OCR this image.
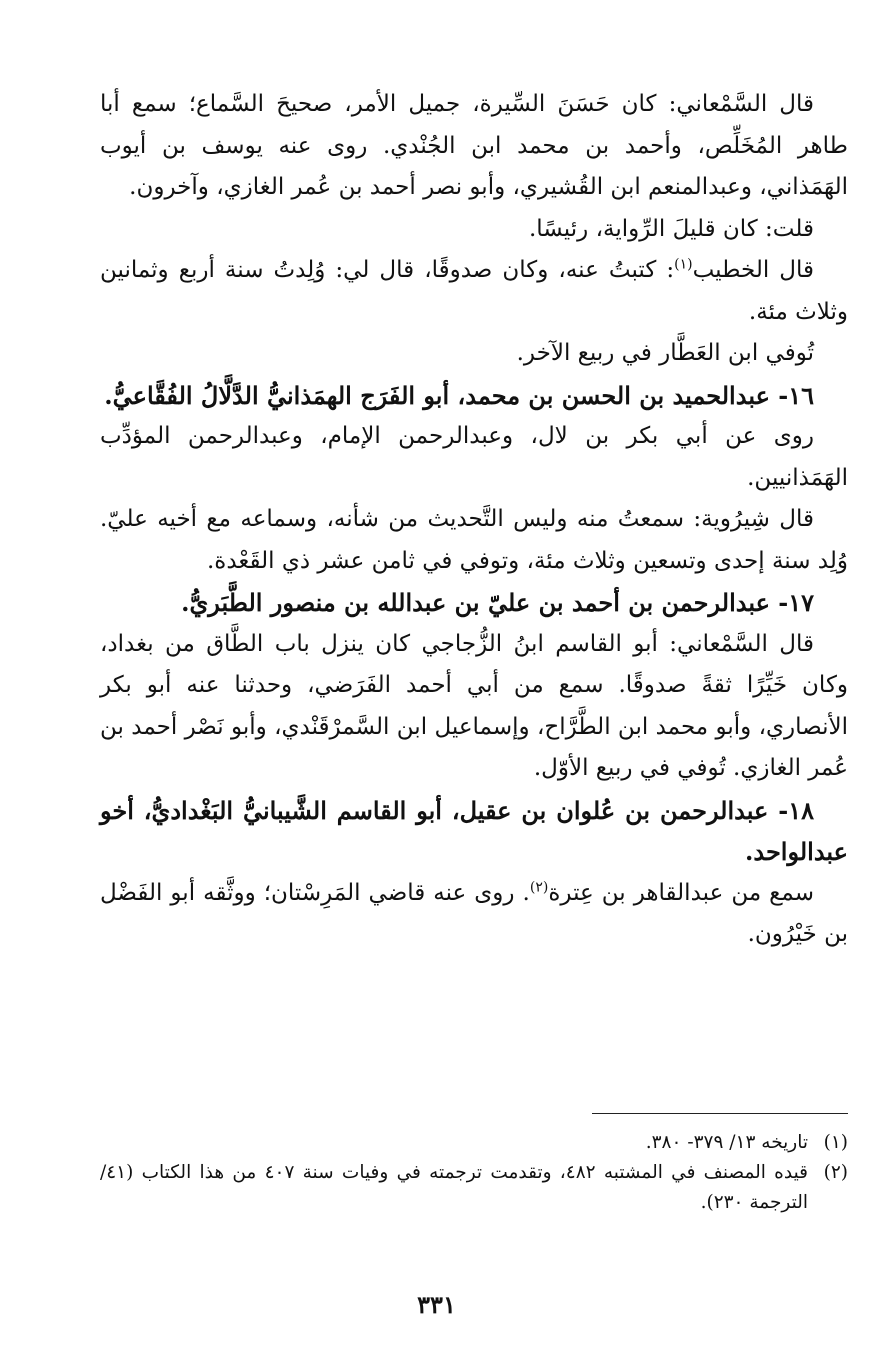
قال السَّمْعاني: كان حَسَنَ السِّيرة، جميل الأمر، صحيحَ السَّماع؛ سمع أبا طاهر المُخَلِّص، وأحمد بن محمد ابن الجُنْدي. روى عنه يوسف بن أيوب الهَمَذاني، وعبدالمنعم ابن القُشيري، وأبو نصر أحمد بن عُمر الغازي، وآخرون.

قلت: كان قليلَ الرِّواية، رئيسًا.

قال الخطيب$^{(١)}$: كتبتُ عنه، وكان صدوقًا، قال لي: وُلِدتُ سنة أربع وثمانين وثلاث مئة.

تُوفي ابن العَطَّار في ربيع الآخر.

١٦- عبدالحميد بن الحسن بن محمد، أبو الفَرَج الهمَذانيُّ الدَّلَّالُ الفُقَّاعيُّ.

روى عن أبي بكر بن لال، وعبدالرحمن الإمام، وعبدالرحمن المؤدِّب الهَمَذانيين.

قال شِيرُوية: سمعتُ منه وليس التَّحديث من شأنه، وسماعه مع أخيه عليّ. وُلِد سنة إحدى وتسعين وثلاث مئة، وتوفي في ثامن عشر ذي القَعْدة.

١٧- عبدالرحمن بن أحمد بن عليّ بن عبدالله بن منصور الطَّبَريُّ.

قال السَّمْعاني: أبو القاسم ابنُ الزُّجاجي كان ينزل باب الطَّاق من بغداد، وكان خَيِّرًا ثقةً صدوقًا. سمع من أبي أحمد الفَرَضي، وحدثنا عنه أبو بكر الأنصاري، وأبو محمد ابن الطَّرَّاح، وإسماعيل ابن السَّمرْقَنْدي، وأبو نَصْر أحمد بن عُمر الغازي. تُوفي في ربيع الأوّل.

١٨- عبدالرحمن بن عُلوان بن عقيل، أبو القاسم الشَّيبانيُّ البَغْداديُّ، أخو عبدالواحد.

سمع من عبدالقاهر بن عِترة$^{(٢)}$. روى عنه قاضي المَرِسْتان؛ ووثَّقه أبو الفَضْل بن خَيْرُون.

(١)
تاريخه ١٣/ ٣٧٩- ٣٨٠.

(٢)
قيده المصنف في المشتبه ٤٨٢، وتقدمت ترجمته في وفيات سنة ٤٠٧ من هذا الكتاب (٤١/ الترجمة ٢٣٠).

٣٣١
